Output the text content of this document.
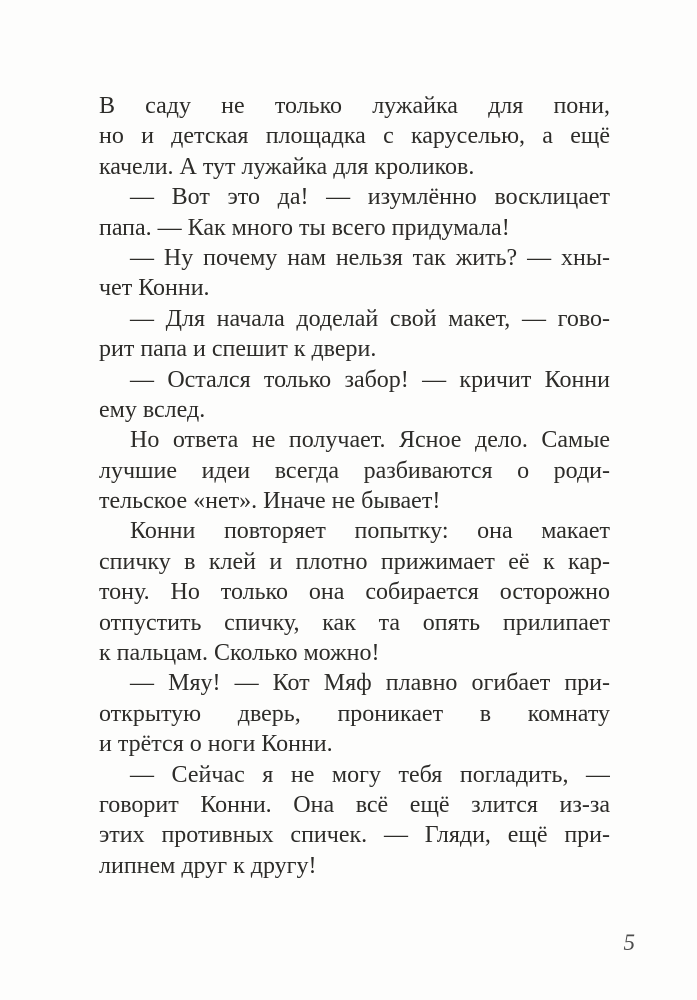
В саду не только лужайка для пони,
но и детская площадка с каруселью, а ещё
качели. А тут лужайка для кроликов.
— Вот это да! — изумлённо восклицает
папа. — Как много ты всего придумала!
— Ну почему нам нельзя так жить? — хны-
чет Конни.
— Для начала доделай свой макет, — гово-
рит папа и спешит к двери.
— Остался только забор! — кричит Конни
ему вслед.
Но ответа не получает. Ясное дело. Самые
лучшие идеи всегда разбиваются о роди-
тельское «нет». Иначе не бывает!
Конни повторяет попытку: она макает
спичку в клей и плотно прижимает её к кар-
тону. Но только она собирается осторожно
отпустить спичку, как та опять прилипает
к пальцам. Сколько можно!
— Мяу! — Кот Мяф плавно огибает при-
открытую дверь, проникает в комнату
и трётся о ноги Конни.
— Сейчас я не могу тебя погладить, —
говорит Конни. Она всё ещё злится из-за
этих противных спичек. — Гляди, ещё при-
липнем друг к другу!
5
